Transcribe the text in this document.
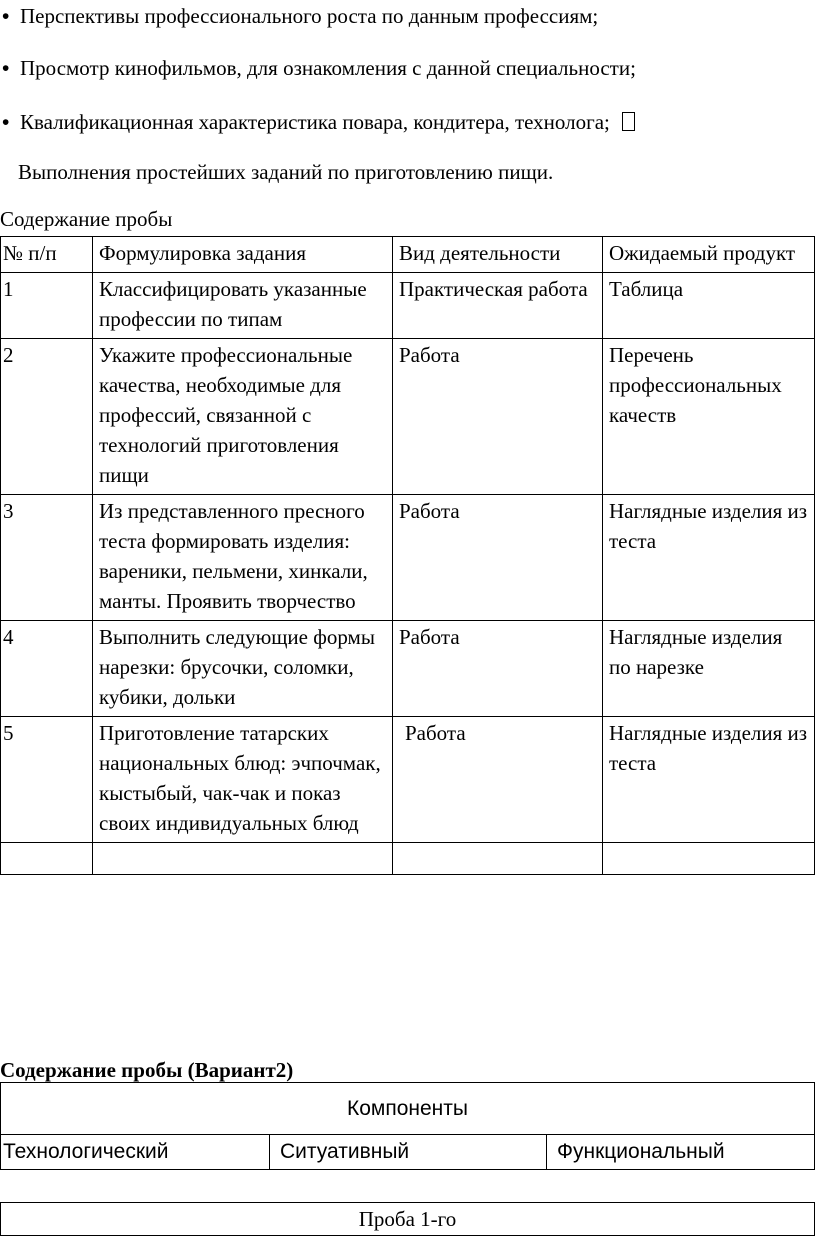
• Перспективы профессионального роста по данным профессиям;
• Просмотр кинофильмов, для ознакомления с данной специальности;
• Квалификационная характеристика повара, кондитера, технолога;
Выполнения простейших заданий по приготовлению пищи.
Содержание пробы
№ п/п	Формулировка задания	Вид деятельности	Ожидаемый продукт
1	Классифицировать указанные профессии по типам	Практическая работа	Таблица
2	Укажите профессиональные качества, необходимые для профессий, связанной с технологий приготовления пищи	Работа	Перечень профессиональных качеств
3	Из представленного пресного теста формировать изделия: вареники, пельмени, хинкали, манты. Проявить творчество	Работа	Наглядные изделия из теста
4	Выполнить следующие формы нарезки: брусочки, соломки, кубики, дольки	Работа	Наглядные изделия по нарезке
5	Приготовление татарских национальных блюд: эчпочмак, кыстыбый, чак-чак и показ своих индивидуальных блюд	Работа	Наглядные изделия из теста

Содержание пробы (Вариант2)
Компоненты
Технологический	Ситуативный	Функциональный
Проба 1-го
